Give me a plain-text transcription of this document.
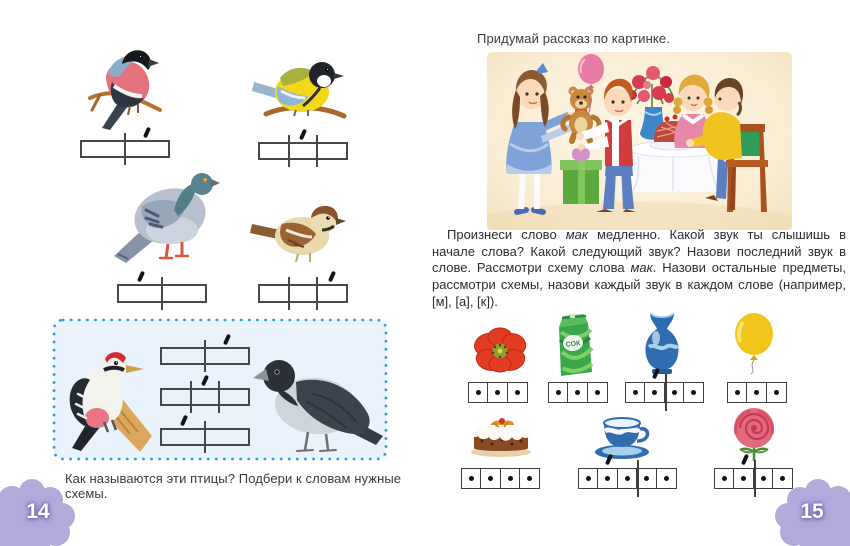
Как называются эти птицы? Подбери к словам нужные схемы.
14
Придумай рассказ по картинке.
Произнеси слово мак медленно. Какой звук ты слышишь в начале слова? Какой следующий звук? Назови последний звук в слове. Рассмотри схему слова мак. Назови остальные предметы, рассмотри схемы, назови каждый звук в каждом слове (например, [м], [а], [к]).
СОК
15
